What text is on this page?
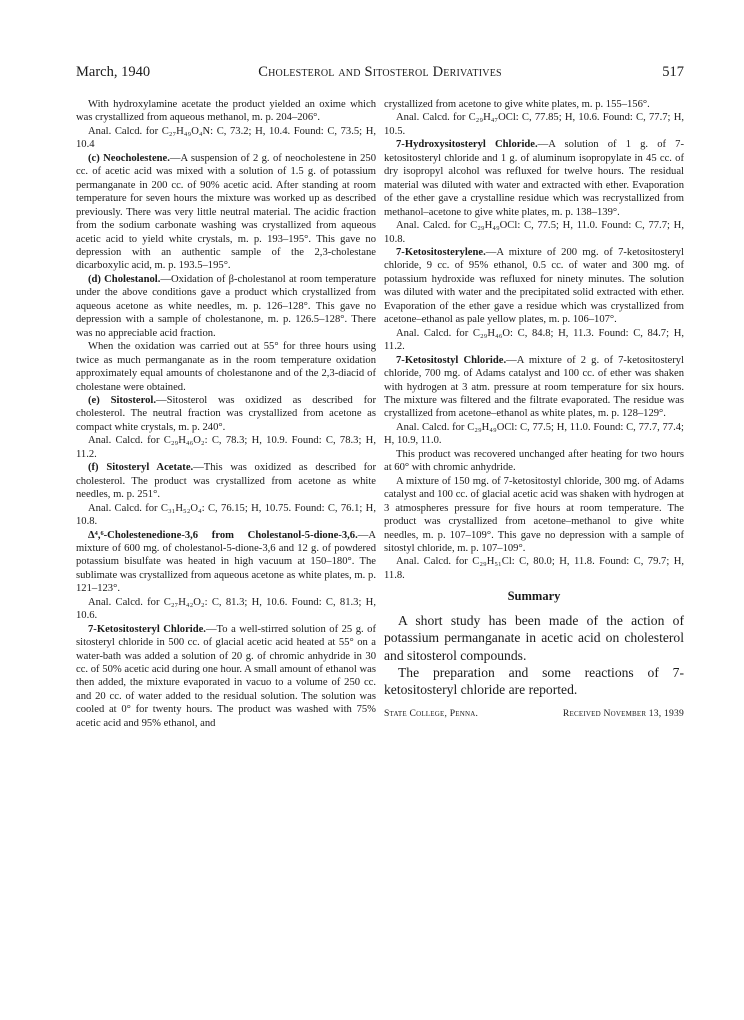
March, 1940	Cholesterol and Sitosterol Derivatives	517

With hydroxylamine acetate the product yielded an oxime which was crystallized from aqueous methanol, m. p. 204–206°.

Anal. Calcd. for C₂₇H₄₉O₄N: C, 73.2; H, 10.4. Found: C, 73.5; H, 10.4

(c) Neocholestene.—A suspension of 2 g. of neocholestene in 250 cc. of acetic acid was mixed with a solution of 1.5 g. of potassium permanganate in 200 cc. of 90% acetic acid. After standing at room temperature for seven hours the mixture was worked up as described previously. There was very little neutral material. The acidic fraction from the sodium carbonate washing was crystallized from aqueous acetic acid to yield white crystals, m. p. 193–195°. This gave no depression with an authentic sample of the 2,3-cholestane dicarboxylic acid, m. p. 193.5–195°.

(d) Cholestanol.—Oxidation of β-cholestanol at room temperature under the above conditions gave a product which crystallized from aqueous acetone as white needles, m. p. 126–128°. This gave no depression with a sample of cholestanone, m. p. 126.5–128°. There was no appreciable acid fraction.

When the oxidation was carried out at 55° for three hours using twice as much permanganate as in the room temperature oxidation approximately equal amounts of cholestanone and of the 2,3-diacid of cholestane were obtained.

(e) Sitosterol.—Sitosterol was oxidized as described for cholesterol. The neutral fraction was crystallized from acetone as compact white crystals, m. p. 240°.

Anal. Calcd. for C₂₉H₄₆O₂: C, 78.3; H, 10.9. Found: C, 78.3; H, 11.2.

(f) Sitosteryl Acetate.—This was oxidized as described for cholesterol. The product was crystallized from acetone as white needles, m. p. 251°.

Anal. Calcd. for C₃₁H₅₂O₄: C, 76.15; H, 10.75. Found: C, 76.1; H, 10.8.

Δ⁴,⁶-Cholestenedione-3,6 from Cholestanol-5-dione-3,6.—A mixture of 600 mg. of cholestanol-5-dione-3,6 and 12 g. of powdered potassium bisulfate was heated in high vacuum at 150–180°. The sublimate was crystallized from aqueous acetone as white plates, m. p. 121–123°.

Anal. Calcd. for C₂₇H₄₂O₂: C, 81.3; H, 10.6. Found: C, 81.3; H, 10.6.

7-Ketositosteryl Chloride.—To a well-stirred solution of 25 g. of sitosteryl chloride in 500 cc. of glacial acetic acid heated at 55° on a water-bath was added a solution of 20 g. of chromic anhydride in 30 cc. of 50% acetic acid during one hour. A small amount of ethanol was then added, the mixture evaporated in vacuo to a volume of 250 cc. and 20 cc. of water added to the residual solution. The solution was cooled at 0° for twenty hours. The product was washed with 75% acetic acid and 95% ethanol, and

crystallized from acetone to give white plates, m. p. 155–156°.

Anal. Calcd. for C₂₉H₄₇OCl: C, 77.85; H, 10.6. Found: C, 77.7; H, 10.5.

7-Hydroxysitosteryl Chloride.—A solution of 1 g. of 7-ketositosteryl chloride and 1 g. of aluminum isopropylate in 45 cc. of dry isopropyl alcohol was refluxed for twelve hours. The residual material was diluted with water and extracted with ether. Evaporation of the ether gave a crystalline residue which was recrystallized from methanol–acetone to give white plates, m. p. 138–139°.

Anal. Calcd. for C₂₉H₄₉OCl: C, 77.5; H, 11.0. Found: C, 77.7; H, 10.8.

7-Ketositosterylene.—A mixture of 200 mg. of 7-ketositosteryl chloride, 9 cc. of 95% ethanol, 0.5 cc. of water and 300 mg. of potassium hydroxide was refluxed for ninety minutes. The solution was diluted with water and the precipitated solid extracted with ether. Evaporation of the ether gave a residue which was crystallized from acetone–ethanol as pale yellow plates, m. p. 106–107°.

Anal. Calcd. for C₂₉H₄₆O: C, 84.8; H, 11.3. Found: C, 84.7; H, 11.2.

7-Ketositostyl Chloride.—A mixture of 2 g. of 7-ketositosteryl chloride, 700 mg. of Adams catalyst and 100 cc. of ether was shaken with hydrogen at 3 atm. pressure at room temperature for six hours. The mixture was filtered and the filtrate evaporated. The residue was crystallized from acetone–ethanol as white plates, m. p. 128–129°.

Anal. Calcd. for C₂₉H₄₉OCl: C, 77.5; H, 11.0. Found: C, 77.7, 77.4; H, 10.9, 11.0.

This product was recovered unchanged after heating for two hours at 60° with chromic anhydride.

A mixture of 150 mg. of 7-ketositostyl chloride, 300 mg. of Adams catalyst and 100 cc. of glacial acetic acid was shaken with hydrogen at 3 atmospheres pressure for five hours at room temperature. The product was crystallized from acetone–methanol to give white needles, m. p. 107–109°. This gave no depression with a sample of sitostyl chloride, m. p. 107–109°.

Anal. Calcd. for C₂₉H₅₁Cl: C, 80.0; H, 11.8. Found: C, 79.7; H, 11.8.

Summary

A short study has been made of the action of potassium permanganate in acetic acid on cholesterol and sitosterol compounds.

The preparation and some reactions of 7-ketositosteryl chloride are reported.

State College, Penna.	Received November 13, 1939
